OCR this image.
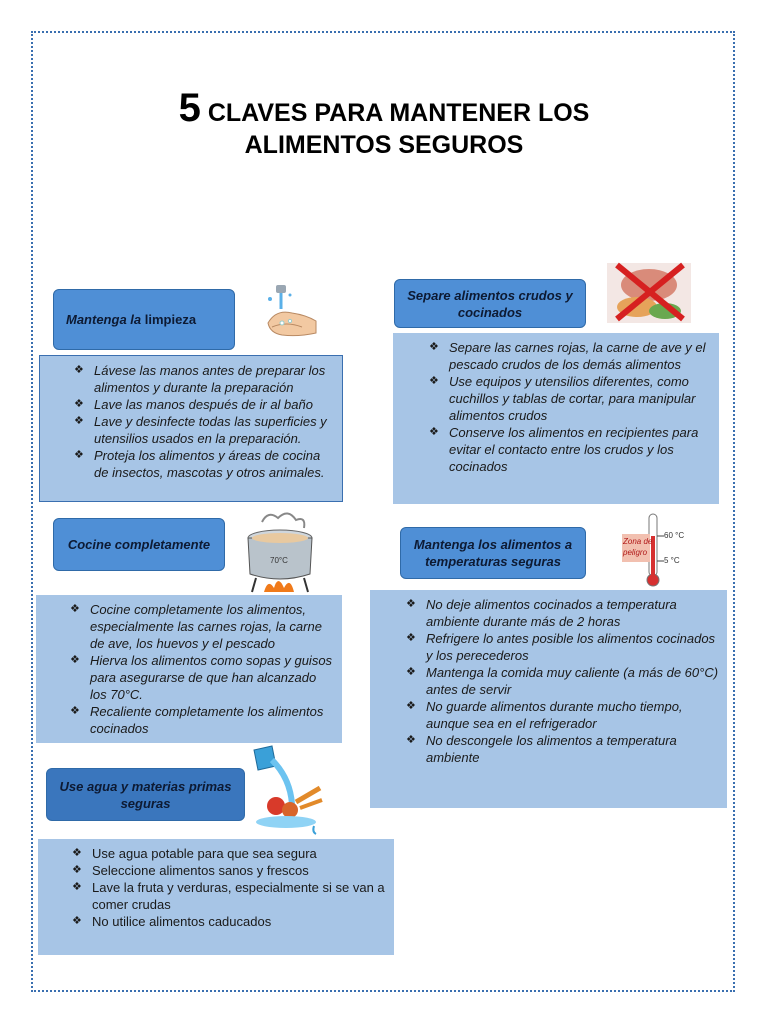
5 CLAVES PARA MANTENER LOS
ALIMENTOS SEGUROS
Mantenga la
limpieza
❖ Lávese las manos antes de preparar los alimentos y durante la preparación
❖ Lave las manos después de ir al baño
❖ Lave y desinfecte todas las superficies y utensilios usados en la preparación.
❖ Proteja los alimentos y áreas de cocina de insectos, mascotas y otros animales.
Separe alimentos crudos y cocinados
❖ Separe las carnes rojas, la carne de ave y el pescado crudos de los demás alimentos
❖ Use equipos y utensilios diferentes, como cuchillos y tablas de cortar, para manipular alimentos crudos
❖ Conserve los alimentos en recipientes para evitar el contacto entre los crudos y los cocinados
Cocine completamente
70°C
❖ Cocine completamente los alimentos, especialmente las carnes rojas, la carne de ave, los huevos y el pescado
❖ Hierva los alimentos como sopas y guisos para asegurarse de que han alcanzado los 70°C.
❖ Recaliente completamente los alimentos cocinados
Mantenga los alimentos a temperaturas seguras
Zona de
peligro
60 °C
5 °C
❖ No deje alimentos cocinados a temperatura ambiente durante más de 2 horas
❖ Refrigere lo antes posible los alimentos cocinados y los perecederos
❖ Mantenga la comida muy caliente (a más de 60°C) antes de servir
❖ No guarde alimentos durante mucho tiempo, aunque sea en el refrigerador
❖ No descongele los alimentos a temperatura ambiente
Use agua y materias primas seguras
❖ Use agua potable para que sea segura
❖ Seleccione alimentos sanos y frescos
❖ Lave la fruta y verduras, especialmente si se van a comer crudas
❖ No utilice alimentos caducados
